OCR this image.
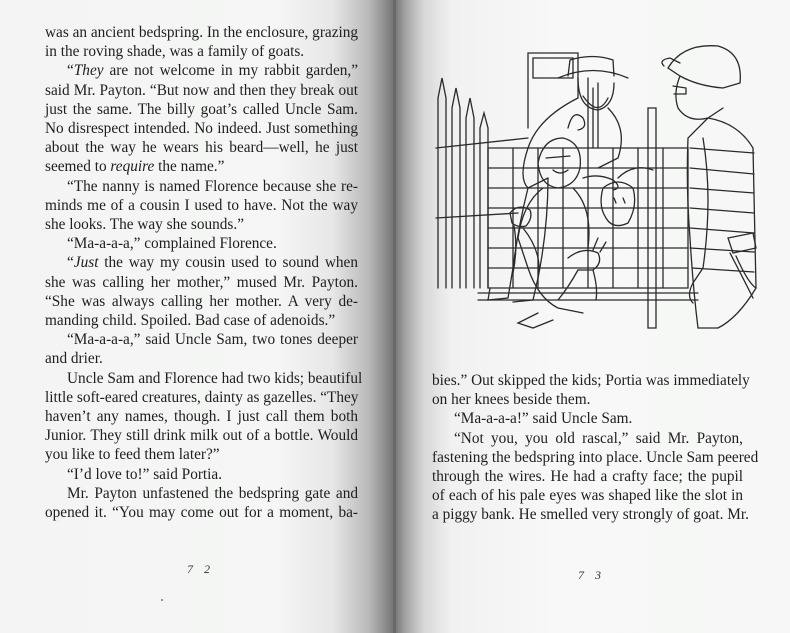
was an ancient bedspring. In the enclosure, grazing
in the roving shade, was a family of goats.
“They are not welcome in my rabbit garden,”
said Mr. Payton. “But now and then they break out
just the same. The billy goat’s called Uncle Sam.
No disrespect intended. No indeed. Just something
about the way he wears his beard—well, he just
seemed to require the name.”
“The nanny is named Florence because she re-
minds me of a cousin I used to have. Not the way
she looks. The way she sounds.”
“Ma-a-a-a,” complained Florence.
“Just the way my cousin used to sound when
she was calling her mother,” mused Mr. Payton.
“She was always calling her mother. A very de-
manding child. Spoiled. Bad case of adenoids.”
“Ma-a-a-a,” said Uncle Sam, two tones deeper
and drier.
Uncle Sam and Florence had two kids; beautiful
little soft-eared creatures, dainty as gazelles. “They
haven’t any names, though. I just call them both
Junior. They still drink milk out of a bottle. Would
you like to feed them later?”
“I’d love to!” said Portia.
Mr. Payton unfastened the bedspring gate and
opened it. “You may come out for a moment, ba-
bies.” Out skipped the kids; Portia was immediately
on her knees beside them.
“Ma-a-a-a!” said Uncle Sam.
“Not you, you old rascal,” said Mr. Payton,
fastening the bedspring into place. Uncle Sam peered
through the wires. He had a crafty face; the pupil
of each of his pale eyes was shaped like the slot in
a piggy bank. He smelled very strongly of goat. Mr.
7 2	7 3
